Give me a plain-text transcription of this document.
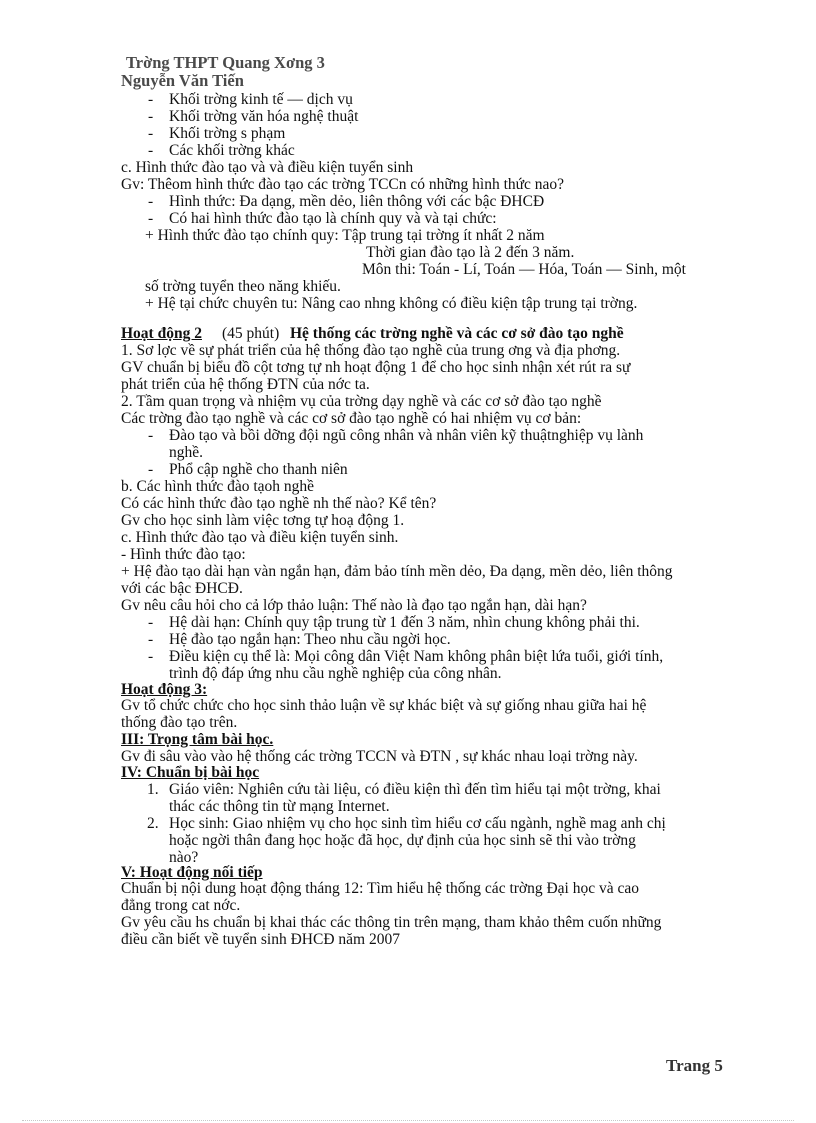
Trờng THPT Quang Xơng 3
Nguyễn Văn Tiến
- Khối trờng kinh tế — dịch vụ
- Khối trờng văn hóa nghệ thuật
- Khối trờng s phạm
- Các khối trờng khác
c. Hình thức đào tạo và và điều kiện tuyển sinh
Gv: Thêom hình thức đào tạo các trờng TCCn có những hình thức nao?
- Hình thức: Đa dạng, mền dẻo, liên thông với các bậc ĐHCĐ
- Có hai hình thức đào tạo là chính quy và và tại chức:
+ Hình thức đào tạo chính quy: Tập trung tại trờng ít nhất 2 năm
Thời gian đào tạo là 2 đến 3 năm.
Môn thi: Toán - Lí, Toán — Hóa, Toán — Sinh, một
số trờng tuyển theo năng khiếu.
+ Hệ tại chức chuyên tu: Nâng cao nhng không có điều kiện tập trung tại trờng.
Hoạt động 2 (45 phút) Hệ thống các trờng nghề và các cơ sở đào tạo nghề
1. Sơ lợc về sự phát triển của hệ thống đào tạo nghề của trung ơng và địa phơng.
GV chuẩn bị biểu đồ cột tơng tự nh hoạt động 1 để cho học sinh nhận xét rút ra sự
phát triển của hệ thống ĐTN của nớc ta.
2. Tầm quan trọng và nhiệm vụ của trờng dạy nghề và các cơ sở đào tạo nghề
Các trờng đào tạo nghề và các cơ sở đào tạo nghề có hai nhiệm vụ cơ bản:
- Đào tạo và bồi dỡng đội ngũ công nhân và nhân viên kỹ thuậtnghiệp vụ lành
nghề.
- Phổ cập nghề cho thanh niên
b. Các hình thức đào tạoh nghề
Có các hình thức đào tạo nghề nh thế nào? Kể tên?
Gv cho học sinh làm việc tơng tự hoạ động 1.
c. Hình thức đào tạo và điều kiện tuyển sinh.
- Hình thức đào tạo:
+ Hệ đào tạo dài hạn vàn ngắn hạn, đảm bảo tính mền dẻo, Đa dạng, mền dẻo, liên thông
với các bậc ĐHCĐ.
Gv nêu câu hỏi cho cả lớp thảo luận: Thế nào là đạo tạo ngắn hạn, dài hạn?
- Hệ dài hạn: Chính quy tập trung từ 1 đến 3 năm, nhìn chung không phải thi.
- Hệ đào tạo ngắn hạn: Theo nhu cầu ngời học.
- Điều kiện cụ thể là: Mọi công dân Việt Nam không phân biệt lứa tuổi, giới tính,
trình độ đáp ứng nhu cầu nghề nghiệp của công nhân.
Hoạt động 3:
Gv tổ chức chức cho học sinh thảo luận về sự khác biệt và sự giống nhau giữa hai hệ
thống đào tạo trên.
III: Trọng tâm bài học.
Gv đi sâu vào vào hệ thống các trờng TCCN và ĐTN , sự khác nhau loại trờng này.
IV: Chuẩn bị bài học
1. Giáo viên: Nghiên cứu tài liệu, có điều kiện thì đến tìm hiểu tại một trờng, khai
thác các thông tin từ mạng Internet.
2. Học sinh: Giao nhiệm vụ cho học sinh tìm hiểu cơ cấu ngành, nghề mag anh chị
hoặc ngời thân đang học hoặc đã học, dự định của học sinh sẽ thi vào trờng
nào?
V: Hoạt động nối tiếp
Chuẩn bị nội dung hoạt động tháng 12: Tìm hiểu hệ thống các trờng Đại học và cao
đẳng trong cat nớc.
Gv yêu cầu hs chuẩn bị khai thác các thông tin trên mạng, tham khảo thêm cuốn những
điều cần biết về tuyển sinh ĐHCĐ năm 2007
Trang 5
